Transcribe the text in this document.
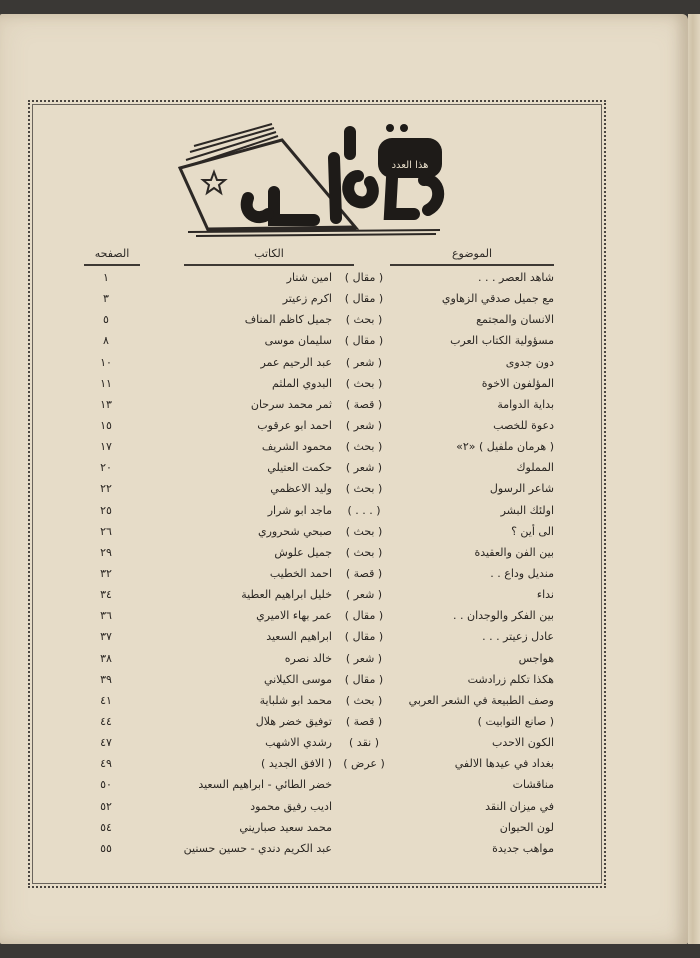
هذا العدد
الموضوع
الكاتب
الصفحه
شاهد العصر . . .
( مقال )
امين شنار
١
مع جميل صدقي الزهاوي
( مقال )
اكرم زعيتر
٣
الانسان والمجتمع
( بحث )
جميل كاظم المناف
٥
مسؤولية الكتاب العرب
( مقال )
سليمان موسى
٨
دون جدوى
( شعر )
عبد الرحيم عمر
١٠
المؤلفون الاخوة
( بحث )
البدوي الملثم
١١
بداية الدوامة
( قصة )
ثمر محمد سرحان
١٣
دعوة للخصب
( شعر )
احمد ابو عرقوب
١٥
( هرمان ملفيل ) «٢»
( بحث )
محمود الشريف
١٧
المملوك
( شعر )
حكمت العتيلي
٢٠
شاعر الرسول
( بحث )
وليد الاعظمي
٢٢
اولئك البشر
( . . . )
ماجد ابو شرار
٢٥
الى أين ؟
( بحث )
صبحي شحروري
٢٦
بين الفن والعقيدة
( بحث )
جميل علوش
٢٩
منديل وداع . .
( قصة )
احمد الخطيب
٣٢
نداء
( شعر )
خليل ابراهيم العطية
٣٤
بين الفكر والوجدان . .
( مقال )
عمر بهاء الاميري
٣٦
عادل زعيتر . . .
( مقال )
ابراهيم السعيد
٣٧
هواجس
( شعر )
خالد نصره
٣٨
هكذا تكلم زرادشت
( مقال )
موسى الكيلاني
٣٩
وصف الطبيعة في الشعر العربي
( بحث )
محمد ابو شلباية
٤١
( صانع التوابيت )
( قصة )
توفيق خضر هلال
٤٤
الكون الاحدب
( نقد )
رشدي الاشهب
٤٧
بغداد في عيدها الالفي
( عرض )
( الافق الجديد )
٤٩
مناقشات
خضر الطائي - ابراهيم السعيد
٥٠
في ميزان النقد
اديب رفيق محمود
٥٢
لون الحيوان
محمد سعيد صباريني
٥٤
مواهب جديدة
عبد الكريم دندي - حسين حسنين
٥٥
